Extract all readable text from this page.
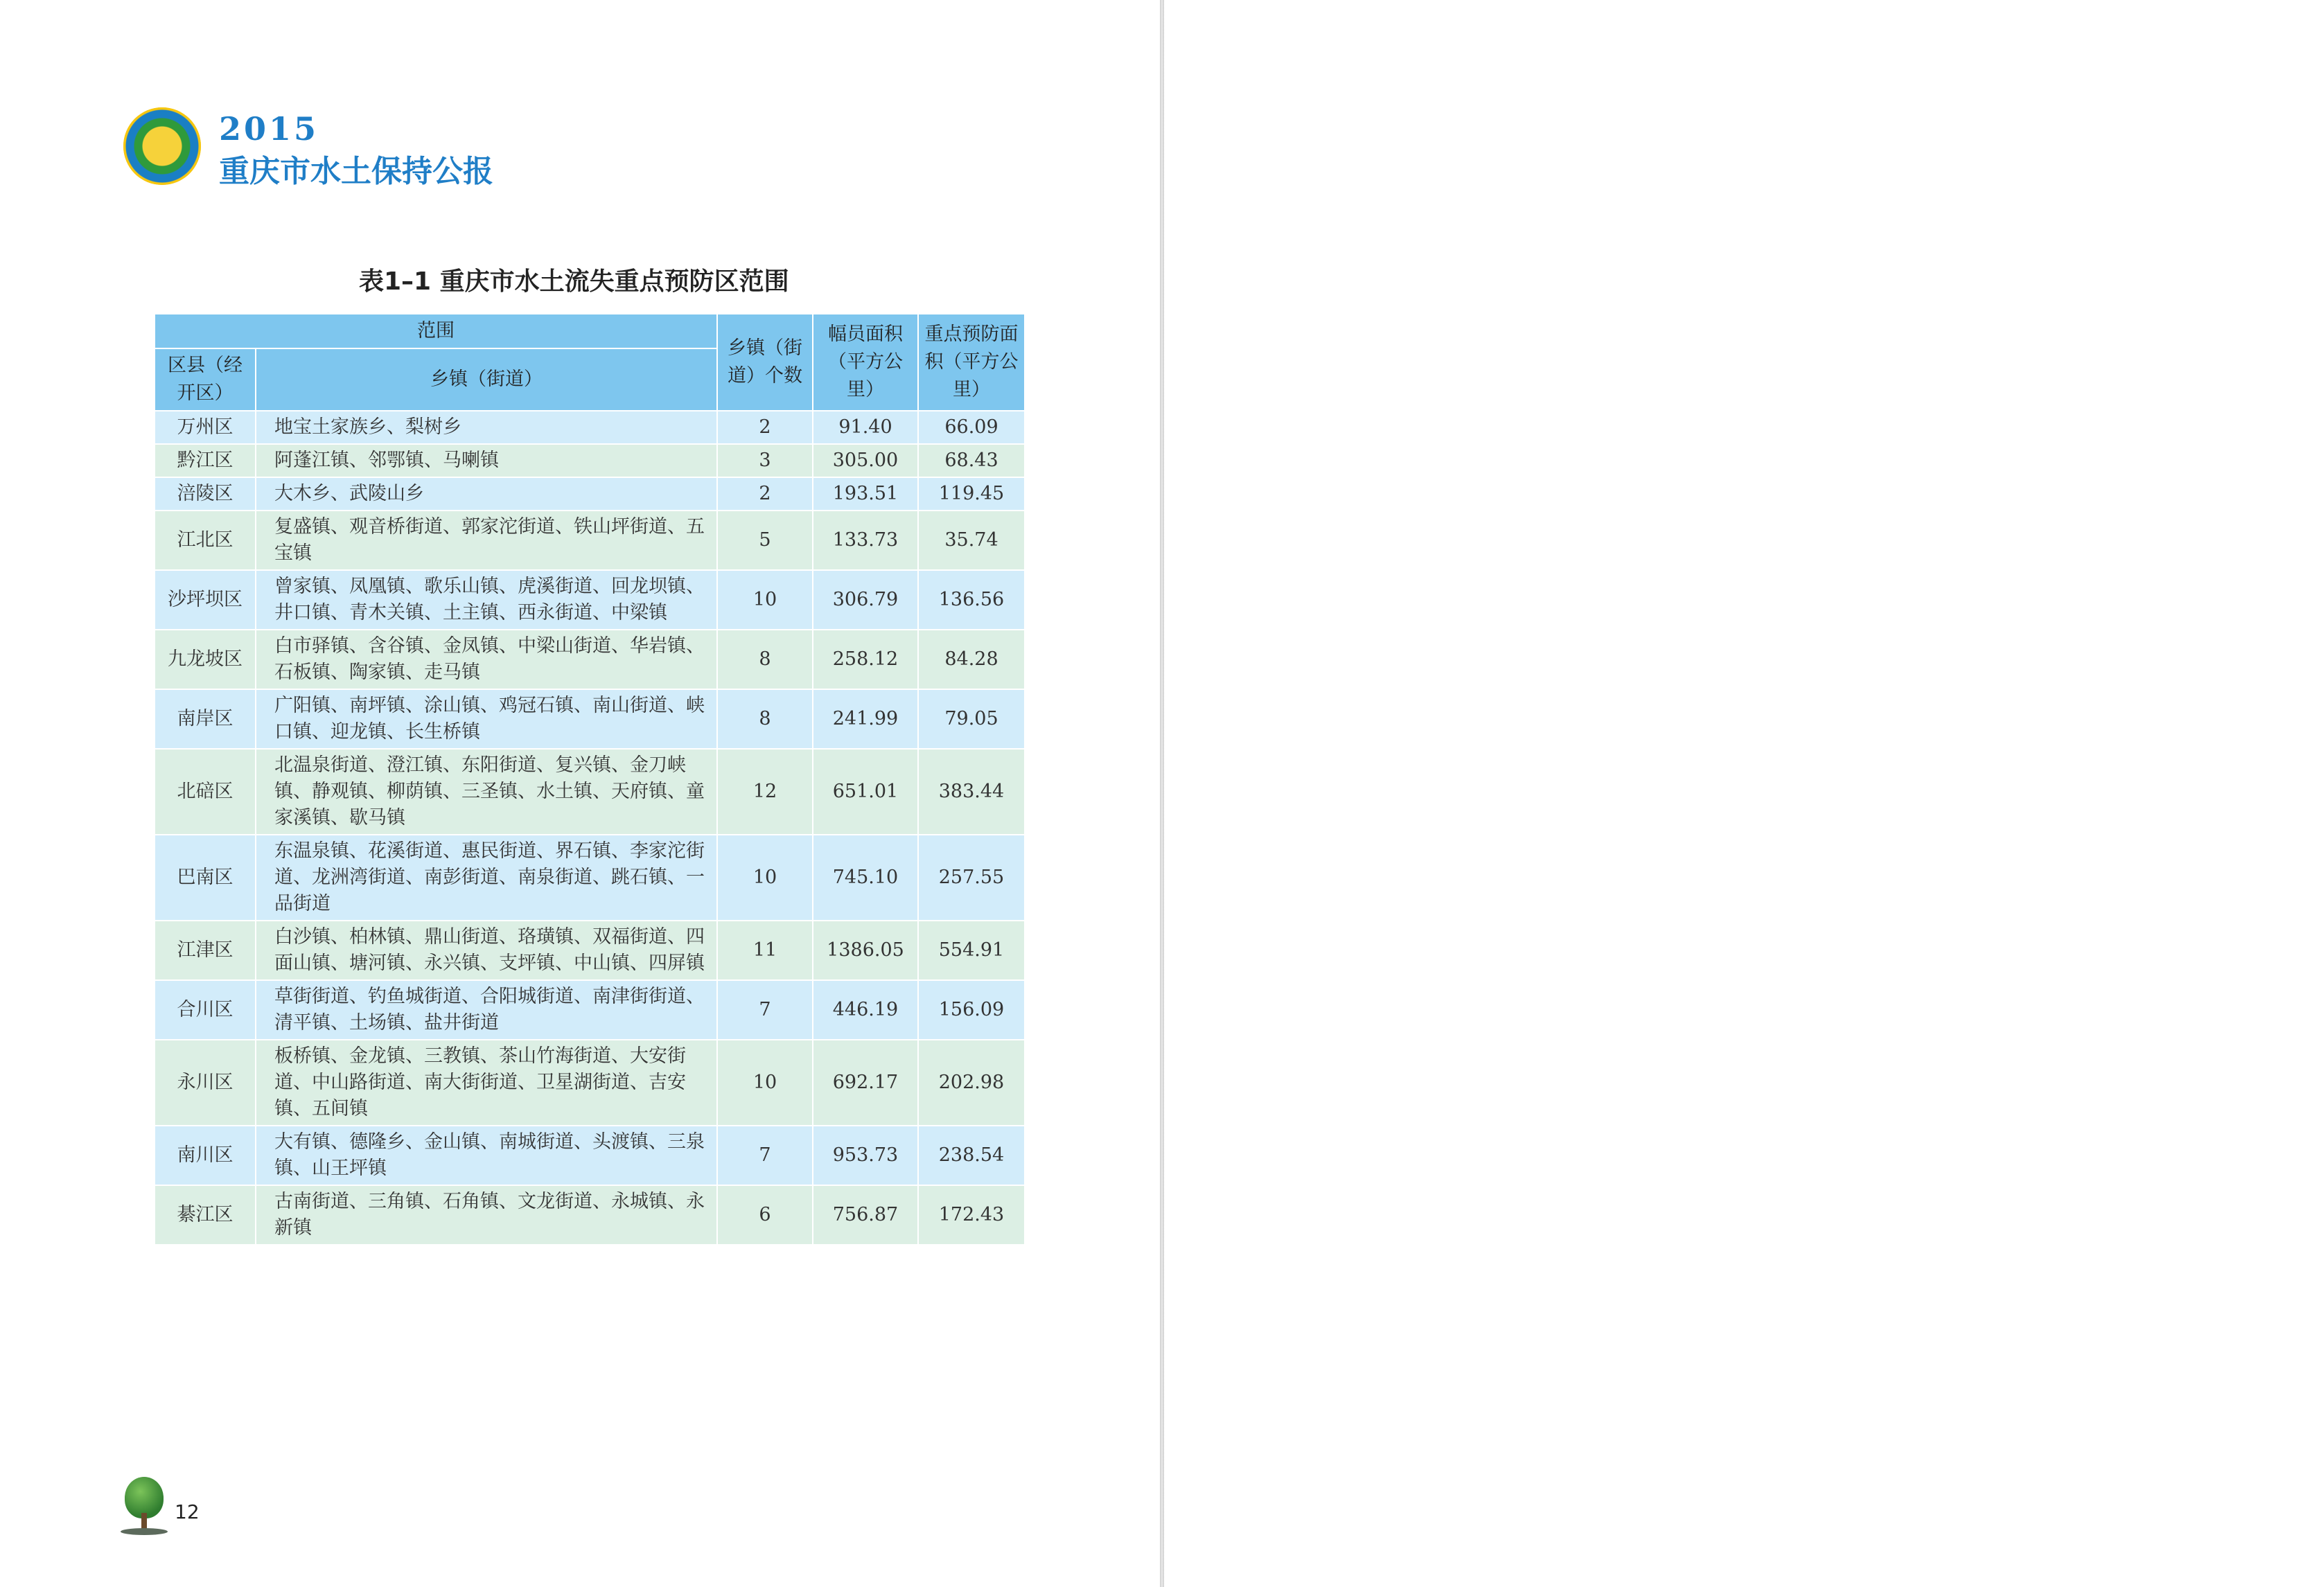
2015
重庆市水土保持公报
表1–1 重庆市水土流失重点预防区范围
范围		乡镇（街道）个数	幅员面积（平方公里）	重点预防面积（平方公里）
区县（经开区）	乡镇（街道）			
万州区	地宝土家族乡、梨树乡	2	91.40	66.09
黔江区	阿蓬江镇、邻鄂镇、马喇镇	3	305.00	68.43
涪陵区	大木乡、武陵山乡	2	193.51	119.45
江北区	复盛镇、观音桥街道、郭家沱街道、铁山坪街道、五宝镇	5	133.73	35.74
沙坪坝区	曾家镇、凤凰镇、歌乐山镇、虎溪街道、回龙坝镇、井口镇、青木关镇、土主镇、西永街道、中梁镇	10	306.79	136.56
九龙坡区	白市驿镇、含谷镇、金凤镇、中梁山街道、华岩镇、石板镇、陶家镇、走马镇	8	258.12	84.28
南岸区	广阳镇、南坪镇、涂山镇、鸡冠石镇、南山街道、峡口镇、迎龙镇、长生桥镇	8	241.99	79.05
北碚区	北温泉街道、澄江镇、东阳街道、复兴镇、金刀峡镇、静观镇、柳荫镇、三圣镇、水土镇、天府镇、童家溪镇、歇马镇	12	651.01	383.44
巴南区	东温泉镇、花溪街道、惠民街道、界石镇、李家沱街道、龙洲湾街道、南彭街道、南泉街道、跳石镇、一品街道	10	745.10	257.55
江津区	白沙镇、柏林镇、鼎山街道、珞璜镇、双福街道、四面山镇、塘河镇、永兴镇、支坪镇、中山镇、四屏镇	11	1386.05	554.91
合川区	草街街道、钓鱼城街道、合阳城街道、南津街街道、清平镇、土场镇、盐井街道	7	446.19	156.09
永川区	板桥镇、金龙镇、三教镇、茶山竹海街道、大安街道、中山路街道、南大街街道、卫星湖街道、吉安镇、五间镇	10	692.17	202.98
南川区	大有镇、德隆乡、金山镇、南城街道、头渡镇、三泉镇、山王坪镇	7	953.73	238.54
綦江区	古南街道、三角镇、石角镇、文龙街道、永城镇、永新镇	6	756.87	172.43
12
